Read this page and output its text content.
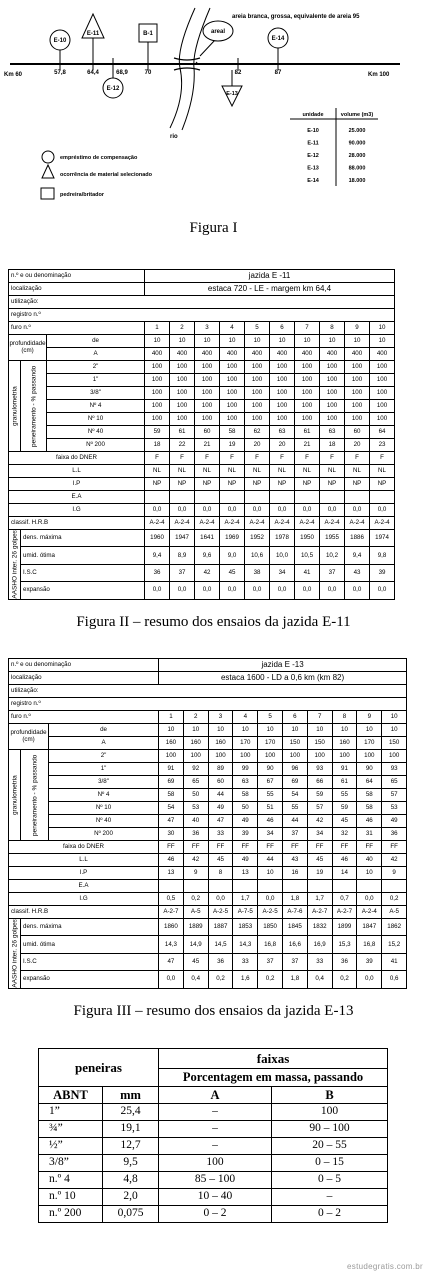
E-10
E-11
E-12
B-1	areal
E-13
E-14
Km 60	Km 100
57,8	64,4	68,9	70	82	87
areia branca, grossa, equivalente de areia 95
rio
empréstimo de compensação
ocorrência de material selecionado
pedreira/britador
unidade	volume (m3)
E-10	25.000
E-11	90.000
E-12	28.000
E-13	88.000
E-14	18.000
Figura I
n.º e ou denominação			jazida E -11									
localização			estaca 720 - LE - margem km 64,4									
utilização:												
registro n.º												
furo n.º			1	2	3	4	5	6	7	8	9	10
profundidade (cm)		de	10	10	10	10	10	10	10	10	10	10
		A	400	400	400	400	400	400	400	400	400	400
granulometria	peneiramento - % passando	2"	100	100	100	100	100	100	100	100	100	100
		1"	100	100	100	100	100	100	100	100	100	100
		3/8"	100	100	100	100	100	100	100	100	100	100
		Nº 4	100	100	100	100	100	100	100	100	100	100
		Nº 10	100	100	100	100	100	100	100	100	100	100
		Nº 40	59	61	60	58	62	63	61	63	60	64
		Nº 200	18	22	21	19	20	20	21	18	20	23
faixa do DNER			F	F	F	F	F	F	F	F	F	F
L.L			NL	NL	NL	NL	NL	NL	NL	NL	NL	NL
I.P			NP	NP	NP	NP	NP	NP	NP	NP	NP	NP
E.A												
I.G			0,0	0,0	0,0	0,0	0,0	0,0	0,0	0,0	0,0	0,0
classif. H.R.B			A-2-4	A-2-4	A-2-4	A-2-4	A-2-4	A-2-4	A-2-4	A-2-4	A-2-4	A-2-4
AASHO inter. 26 golpes	dens. máxima		1960	1947	1641	1969	1952	1978	1950	1955	1886	1974
	umid. ótima		9,4	8,9	9,6	9,0	10,6	10,0	10,5	10,2	9,4	9,8
	I.S.C		36	37	42	45	38	34	41	37	43	39
	expansão		0,0	0,0	0,0	0,0	0,0	0,0	0,0	0,0	0,0	0,0
Figura II – resumo dos ensaios da jazida E-11
n.º e ou denominação			jazida E -13									
localização			estaca 1600 - LD a 0,6 km (km 82)									
utilização:												
registro n.º												
furo n.º			1	2	3	4	5	6	7	8	9	10
profundidade (cm)		de	10	10	10	10	10	10	10	10	10	10
		A	160	160	160	170	170	150	150	160	170	150
granulometria	peneiramento - % passando	2"	100	100	100	100	100	100	100	100	100	100
		1"	91	92	89	99	90	96	93	91	90	93
		3/8"	69	65	60	63	67	69	66	61	64	65
		Nº 4	58	50	44	58	55	54	59	55	58	57
		Nº 10	54	53	49	50	51	55	57	59	58	53
		Nº 40	47	40	47	49	46	44	42	45	46	49
		Nº 200	30	36	33	39	34	37	34	32	31	36
faixa do DNER			FF	FF	FF	FF	FF	FF	FF	FF	FF	FF
L.L			46	42	45	49	44	43	45	46	40	42
I.P			13	9	8	13	10	16	19	14	10	9
E.A												
I.G			0,5	0,2	0,0	1,7	0,0	1,8	1,7	0,7	0,0	0,2
classif. H.R.B			A-2-7	A-5	A-2-5	A-7-5	A-2-5	A-7-6	A-2-7	A-2-7	A-2-4	A-5
AASHO inter. 26 golpes	dens. máxima		1860	1889	1887	1853	1850	1845	1832	1899	1847	1862
	umid. ótima		14,3	14,9	14,5	14,3	16,8	16,6	16,9	15,3	16,8	15,2
	I.S.C		47	45	36	33	37	37	33	36	39	41
	expansão		0,0	0,4	0,2	1,6	0,2	1,8	0,4	0,2	0,0	0,6
Figura III – resumo dos ensaios da jazida E-13
peneiras		faixas	
		Porcentagem em massa, passando	
ABNT	mm	A	B
1”	25,4	–	100
¾”	19,1	–	90 – 100
½”	12,7	–	20 – 55
3/8”	9,5	100	0 – 15
n.º 4	4,8	85 – 100	0 – 5
n.º 10	2,0	10 – 40	–
n.º 200	0,075	0 – 2	0 – 2
estudegratis.com.br
